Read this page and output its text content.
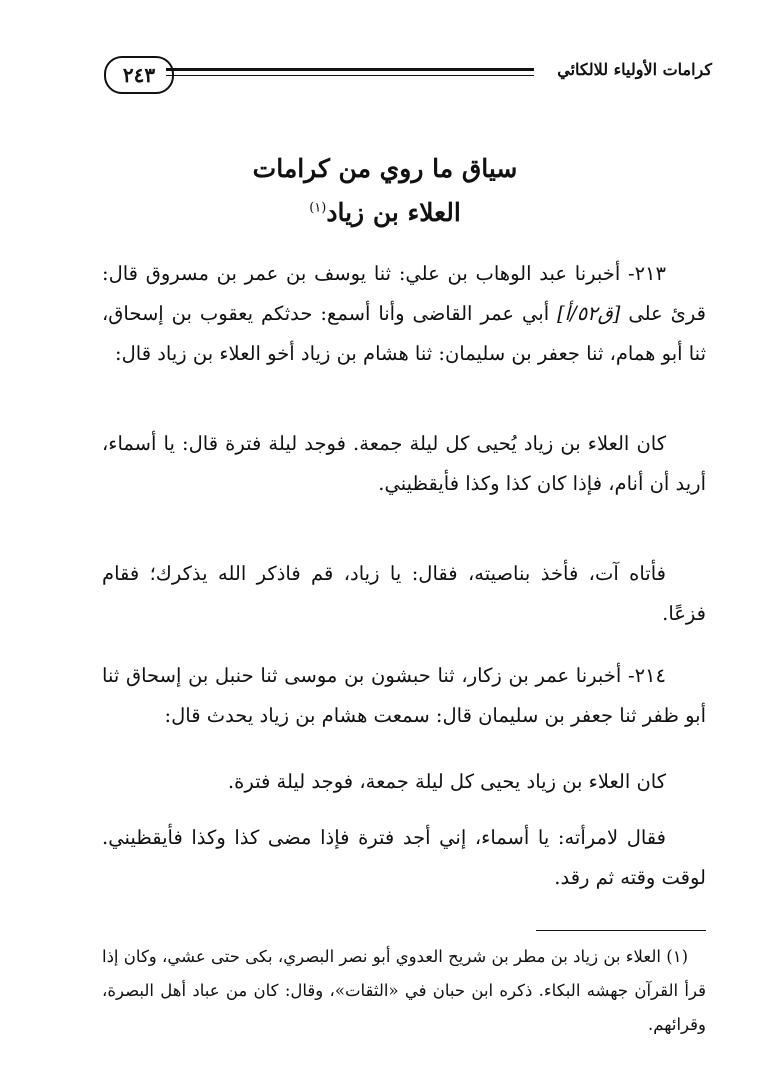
٢٤٣	كرامات الأولياء للالكائي
سياق ما روي من كرامات
العلاء بن زياد$^{(١)}$

٢١٣- أخبرنا عبد الوهاب بن علي: ثنا يوسف بن عمر بن مسروق قال: قرئ على [ق٥٢/أ] أبي عمر القاضى وأنا أسمع: حدثكم يعقوب بن إسحاق، ثنا أبو همام، ثنا جعفر بن سليمان: ثنا هشام بن زياد أخو العلاء بن زياد قال:

كان العلاء بن زياد يُحيى كل ليلة جمعة. فوجد ليلة فترة قال: يا أسماء، أريد أن أنام، فإذا كان كذا وكذا فأيقظيني.

فأتاه آت، فأخذ بناصيته، فقال: يا زياد، قم فاذكر الله يذكرك؛ فقام فزعًا.

٢١٤- أخبرنا عمر بن زكار، ثنا حبشون بن موسى ثنا حنبل بن إسحاق ثنا أبو ظفر ثنا جعفر بن سليمان قال: سمعت هشام بن زياد يحدث قال:

كان العلاء بن زياد يحيى كل ليلة جمعة، فوجد ليلة فترة.

فقال لامرأته: يا أسماء، إني أجد فترة فإذا مضى كذا وكذا فأيقظيني. لوقت وقته ثم رقد.

(١) العلاء بن زياد بن مطر بن شريح العدوي أبو نصر البصري، بكى حتى عشي، وكان إذا قرأ القرآن جهشه البكاء. ذكره ابن حبان في «الثقات»، وقال: كان من عباد أهل البصرة، وقرائهم.
